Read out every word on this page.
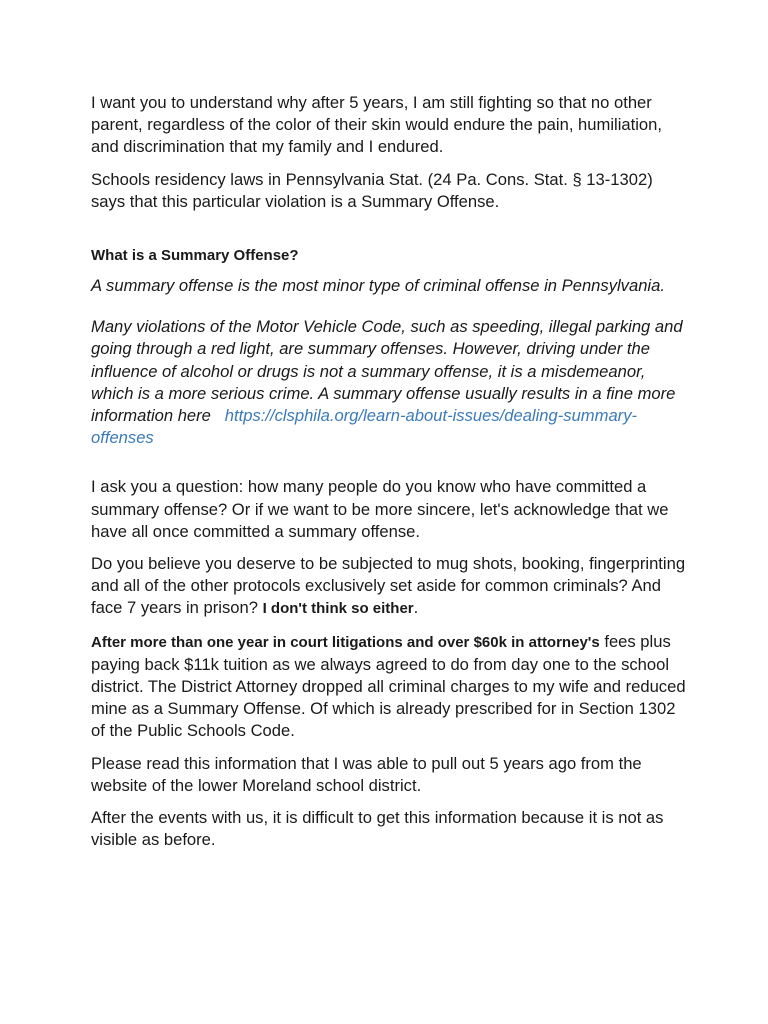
I want you to understand why after 5 years, I am still fighting so that no other parent, regardless of the color of their skin would endure the pain, humiliation, and discrimination that my family and I endured.

Schools residency laws in Pennsylvania Stat. (24 Pa. Cons. Stat. § 13-1302) says that this particular violation is a Summary Offense.

What is a Summary Offense?

A summary offense is the most minor type of criminal offense in Pennsylvania.

Many violations of the Motor Vehicle Code, such as speeding, illegal parking and going through a red light, are summary offenses. However, driving under the influence of alcohol or drugs is not a summary offense, it is a misdemeanor, which is a more serious crime. A summary offense usually results in a fine more information here https://clsphila.org/learn-about-issues/dealing-summary-offenses

I ask you a question: how many people do you know who have committed a summary offense? Or if we want to be more sincere, let's acknowledge that we have all once committed a summary offense.

Do you believe you deserve to be subjected to mug shots, booking, fingerprinting and all of the other protocols exclusively set aside for common criminals? And face 7 years in prison? I don't think so either.

After more than one year in court litigations and over $60k in attorney's fees plus paying back $11k tuition as we always agreed to do from day one to the school district. The District Attorney dropped all criminal charges to my wife and reduced mine as a Summary Offense. Of which is already prescribed for in Section 1302 of the Public Schools Code.

Please read this information that I was able to pull out 5 years ago from the website of the lower Moreland school district.

After the events with us, it is difficult to get this information because it is not as visible as before.
